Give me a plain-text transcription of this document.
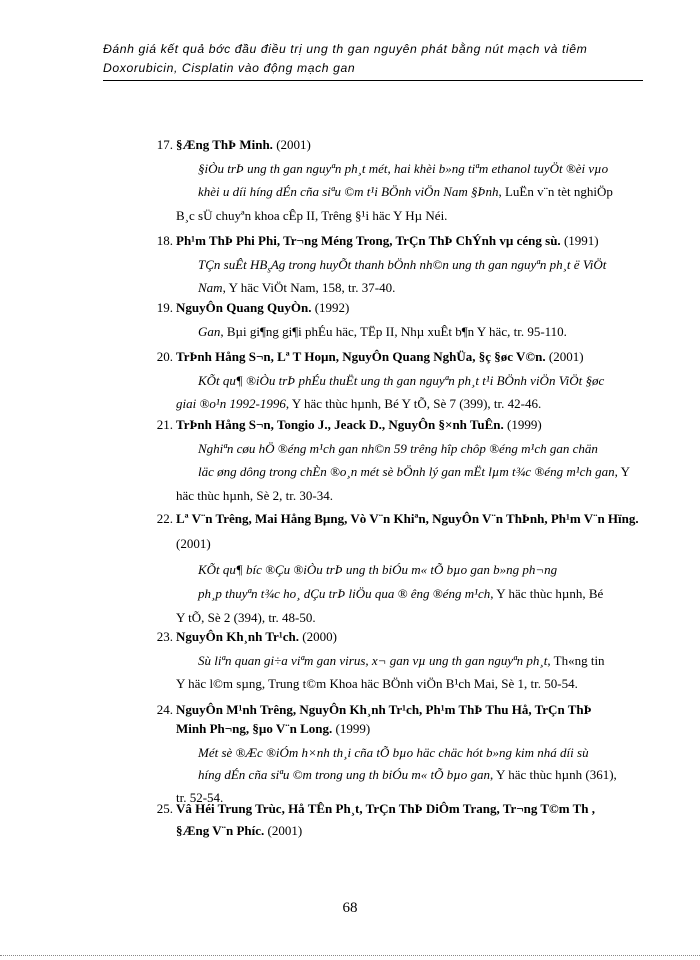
Đánh giá kết quả bớc đầu điều trị ung th gan nguyên phát bằng nút mạch và tiêm
Doxorubicin, Cisplatin vào động mạch gan
17. §Æng ThÞ Minh. (2001)
§iÒu trÞ ung th gan nguyªn ph¸t mét, hai khèi b»ng tiªm ethanol tuyÖt ®èi vµo
khèi u díi híng dÉn cña siªu ©m t¹i BÖnh viÖn Nam §Þnh, LuËn v¨n tèt nghiÖp
B¸c sÜ chuyªn khoa cÊp II, Trêng §¹i häc Y Hµ Néi.
18. Ph¹m ThÞ Phi Phi, Tr¬ng Méng Trong, TrÇn ThÞ ChÝnh vµ céng sù. (1991)
TÇn suÊt $HB_sAg$ trong huyÕt thanh bÖnh nh©n ung th gan nguyªn ph¸t ë ViÖt
Nam, Y häc ViÖt Nam, 158, tr. 37-40.
19. NguyÔn Quang QuyÒn. (1992)
Gan, Bµi gi¶ng gi¶i phÉu häc, TËp II, Nhµ xuÊt b¶n Y häc, tr. 95-110.
20. TrÞnh Hång S¬n, Lª T Hoµn, NguyÔn Quang NghÜa, §ç §øc V©n. (2001)
KÕt qu¶ ®iÒu trÞ phÉu thuËt ung th gan nguyªn ph¸t t¹i BÖnh viÖn ViÖt §øc
giai ®o¹n 1992-1996, Y häc thùc hµnh, Bé Y tÕ, Sè 7 (399), tr. 42-46.
21. TrÞnh Hång S¬n, Tongio J., Jeack D., NguyÔn §×nh TuÊn. (1999)
Nghiªn cøu hÖ ®éng m¹ch gan nh©n 59 trêng hîp chôp ®éng m¹ch gan chän
läc øng dông trong chÈn ®o¸n mét sè bÖnh lý gan mËt lµm t¾c ®éng m¹ch gan, Y
häc thùc hµnh, Sè 2, tr. 30-34.
22. Lª V¨n Trêng, Mai Hång Bµng, Vò V¨n Khiªn, NguyÔn V¨n ThÞnh, Ph¹m V¨n Hïng.
(2001)
KÕt qu¶ bíc ®Çu ®iÒu trÞ ung th biÓu m« tÕ bµo gan b»ng ph¬ng
ph¸p thuyªn t¾c ho¸ dÇu trÞ liÖu qua ® êng ®éng m¹ch, Y häc thùc hµnh, Bé
Y tÕ, Sè 2 (394), tr. 48-50.
23. NguyÔn Kh¸nh Tr¹ch. (2000)
Sù liªn quan gi÷a viªm gan virus, x¬ gan vµ ung th gan nguyªn ph¸t, Th«ng tin
Y häc l©m sµng, Trung t©m Khoa häc BÖnh viÖn B¹ch Mai, Sè 1, tr. 50-54.
24. NguyÔn M¹nh Trêng, NguyÔn Kh¸nh Tr¹ch, Ph¹m ThÞ Thu Hå, TrÇn ThÞ
Minh Ph¬ng, §µo V¨n Long. (1999)
Mét sè ®Æc ®iÓm h×nh th¸i cña tÕ bµo häc chäc hót b»ng kim nhá díi sù
híng dÉn cña siªu ©m trong ung th biÓu m« tÕ bµo gan, Y häc thùc hµnh (361),
tr. 52-54.
25. Vâ Héi Trung Trùc, Hå TÊn Ph¸t, TrÇn ThÞ DiÔm Trang, Tr¬ng T©m Th ,
§Æng V¨n Phíc. (2001)
68
